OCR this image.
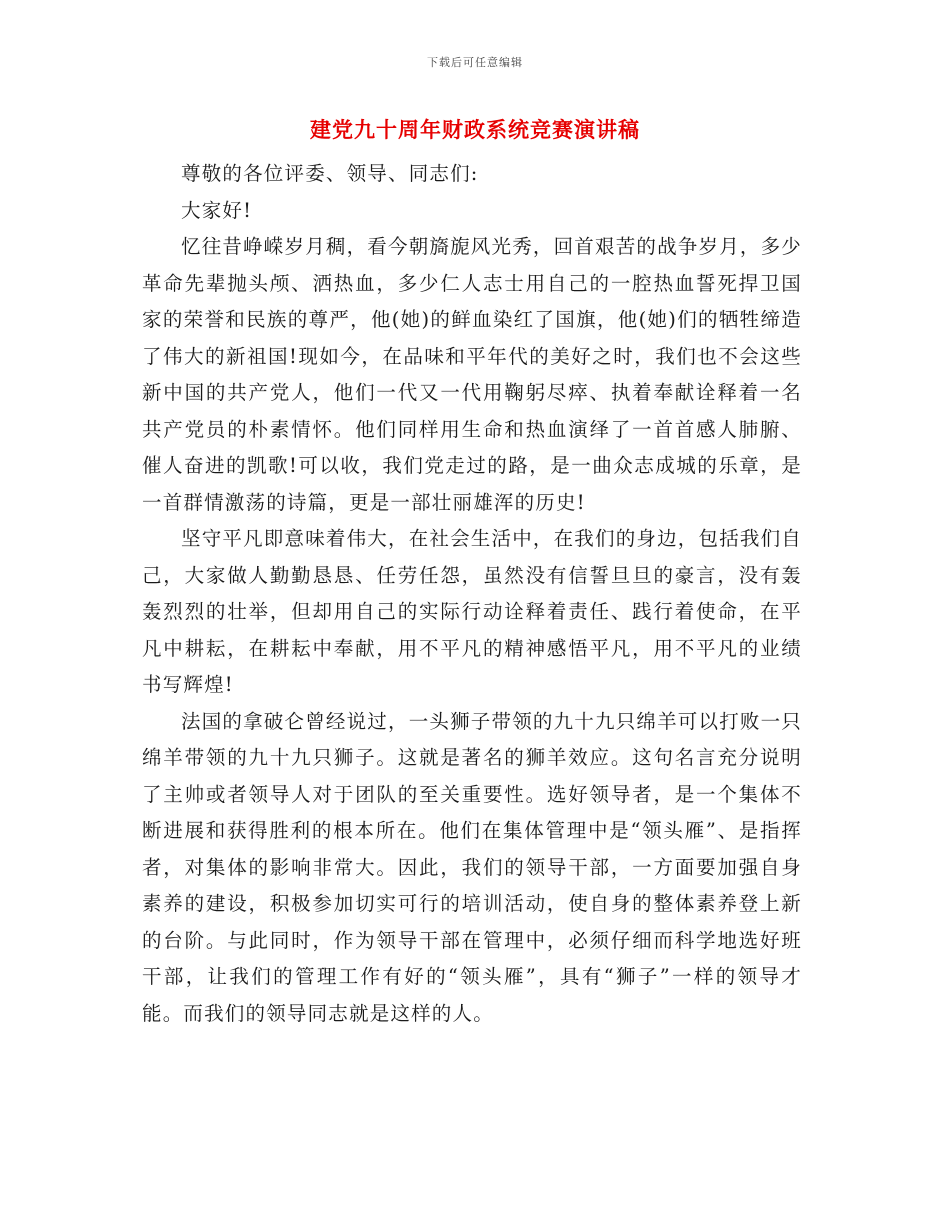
下载后可任意编辑
建党九十周年财政系统竞赛演讲稿

尊敬的各位评委、领导、同志们:

大家好!

忆往昔峥嵘岁月稠，看今朝旖旎风光秀，回首艰苦的战争岁月，多少革命先辈抛头颅、洒热血，多少仁人志士用自己的一腔热血誓死捍卫国家的荣誉和民族的尊严，他(她)的鲜血染红了国旗，他(她)们的牺牲缔造了伟大的新祖国!现如今，在品味和平年代的美好之时，我们也不会这些新中国的共产党人，他们一代又一代用鞠躬尽瘁、执着奉献诠释着一名共产党员的朴素情怀。他们同样用生命和热血演绎了一首首感人肺腑、催人奋进的凯歌!可以收，我们党走过的路，是一曲众志成城的乐章，是一首群情激荡的诗篇，更是一部壮丽雄浑的历史!

坚守平凡即意味着伟大，在社会生活中，在我们的身边，包括我们自己，大家做人勤勤恳恳、任劳任怨，虽然没有信誓旦旦的豪言，没有轰轰烈烈的壮举，但却用自己的实际行动诠释着责任、践行着使命，在平凡中耕耘，在耕耘中奉献，用不平凡的精神感悟平凡，用不平凡的业绩书写辉煌!

法国的拿破仑曾经说过，一头狮子带领的九十九只绵羊可以打败一只绵羊带领的九十九只狮子。这就是著名的狮羊效应。这句名言充分说明了主帅或者领导人对于团队的至关重要性。选好领导者，是一个集体不断进展和获得胜利的根本所在。他们在集体管理中是“领头雁”、是指挥者，对集体的影响非常大。因此，我们的领导干部，一方面要加强自身素养的建设，积极参加切实可行的培训活动，使自身的整体素养登上新的台阶。与此同时，作为领导干部在管理中，必须仔细而科学地选好班干部，让我们的管理工作有好的“领头雁”，具有“狮子”一样的领导才能。而我们的领导同志就是这样的人。
